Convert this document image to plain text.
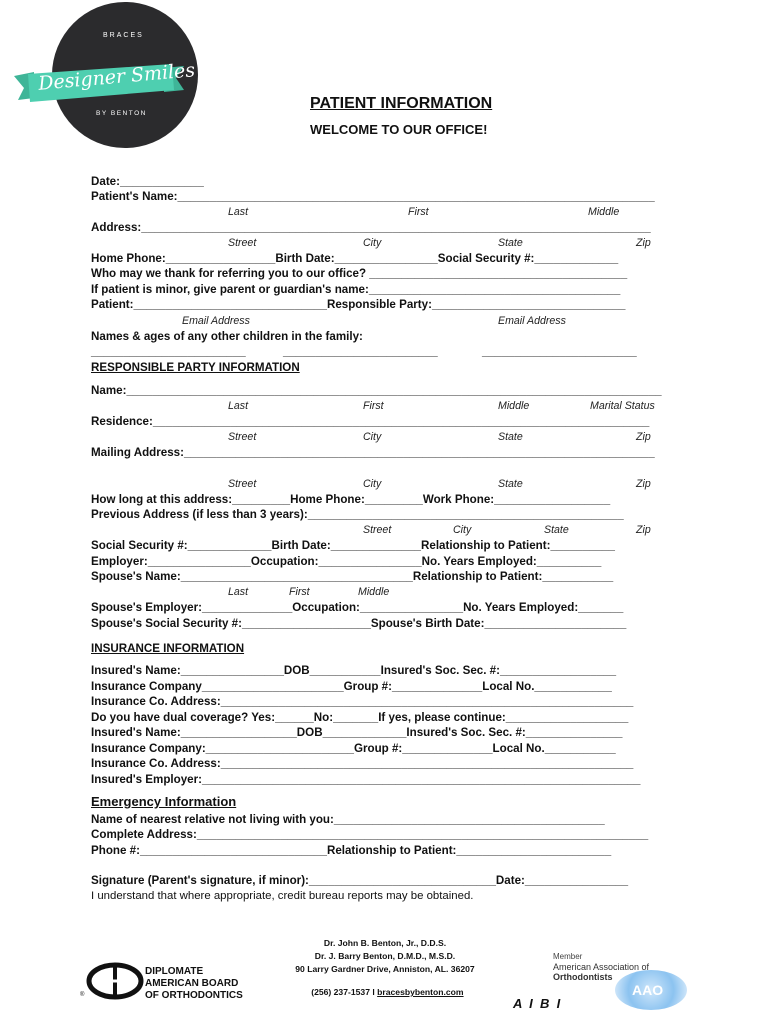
BRACES
Designer Smiles
BY BENTON
PATIENT INFORMATION
WELCOME TO OUR OFFICE!
Date:_____________
Patient's Name:__________________________________________________________________________
Last	First	Middle
Address:_______________________________________________________________________________
Street	City	State	Zip
Home Phone:_________________Birth Date:________________Social Security #:_____________
Who may we thank for referring you to our office? ________________________________________
If patient is minor, give parent or guardian's name:_______________________________________
Patient:______________________________Responsible Party:______________________________
Email Address	Email Address
Names & ages of any other children in the family:
________________________	________________________	________________________
RESPONSIBLE PARTY INFORMATION
Name:___________________________________________________________________________________
Last	First	Middle	Marital Status
Residence:_____________________________________________________________________________
Street	City	State	Zip
Mailing Address:_________________________________________________________________________
Street	City	State	Zip
How long at this address:_________Home Phone:_________Work Phone:__________________
Previous Address (if less than 3 years):_________________________________________________
Street	City	State	Zip
Social Security #:_____________Birth Date:______________Relationship to Patient:__________
Employer:________________Occupation:________________No. Years Employed:__________
Spouse's Name:____________________________________Relationship to Patient:___________
Last	First	Middle
Spouse's Employer:______________Occupation:________________No. Years Employed:_______
Spouse's Social Security #:____________________Spouse's Birth Date:______________________
INSURANCE INFORMATION
Insured's Name:________________DOB___________Insured's Soc. Sec. #:__________________
Insurance Company______________________Group #:______________Local No.____________
Insurance Co. Address:________________________________________________________________
Do you have dual coverage? Yes:______No:_______If yes, please continue:___________________
Insured's Name:__________________DOB_____________Insured's Soc. Sec. #:_______________
Insurance Company:_______________________Group #:______________Local No.___________
Insurance Co. Address:________________________________________________________________
Insured's Employer:____________________________________________________________________
Emergency Information
Name of nearest relative not living with you:__________________________________________
Complete Address:______________________________________________________________________
Phone #:_____________________________Relationship to Patient:________________________
Signature (Parent's signature, if minor):_____________________________Date:________________
I understand that where appropriate, credit bureau reports may be obtained.
Dr. John B. Benton, Jr., D.D.S.
Dr. J. Barry Benton, D.M.D., M.S.D.
90 Larry Gardner Drive, Anniston, AL. 36207

(256) 237-1537 l bracesbybenton.com

®
DIPLOMATE
AMERICAN BOARD
OF ORTHODONTICS
Member
American Association of
Orthodontists
AAO
A  I  B  I
